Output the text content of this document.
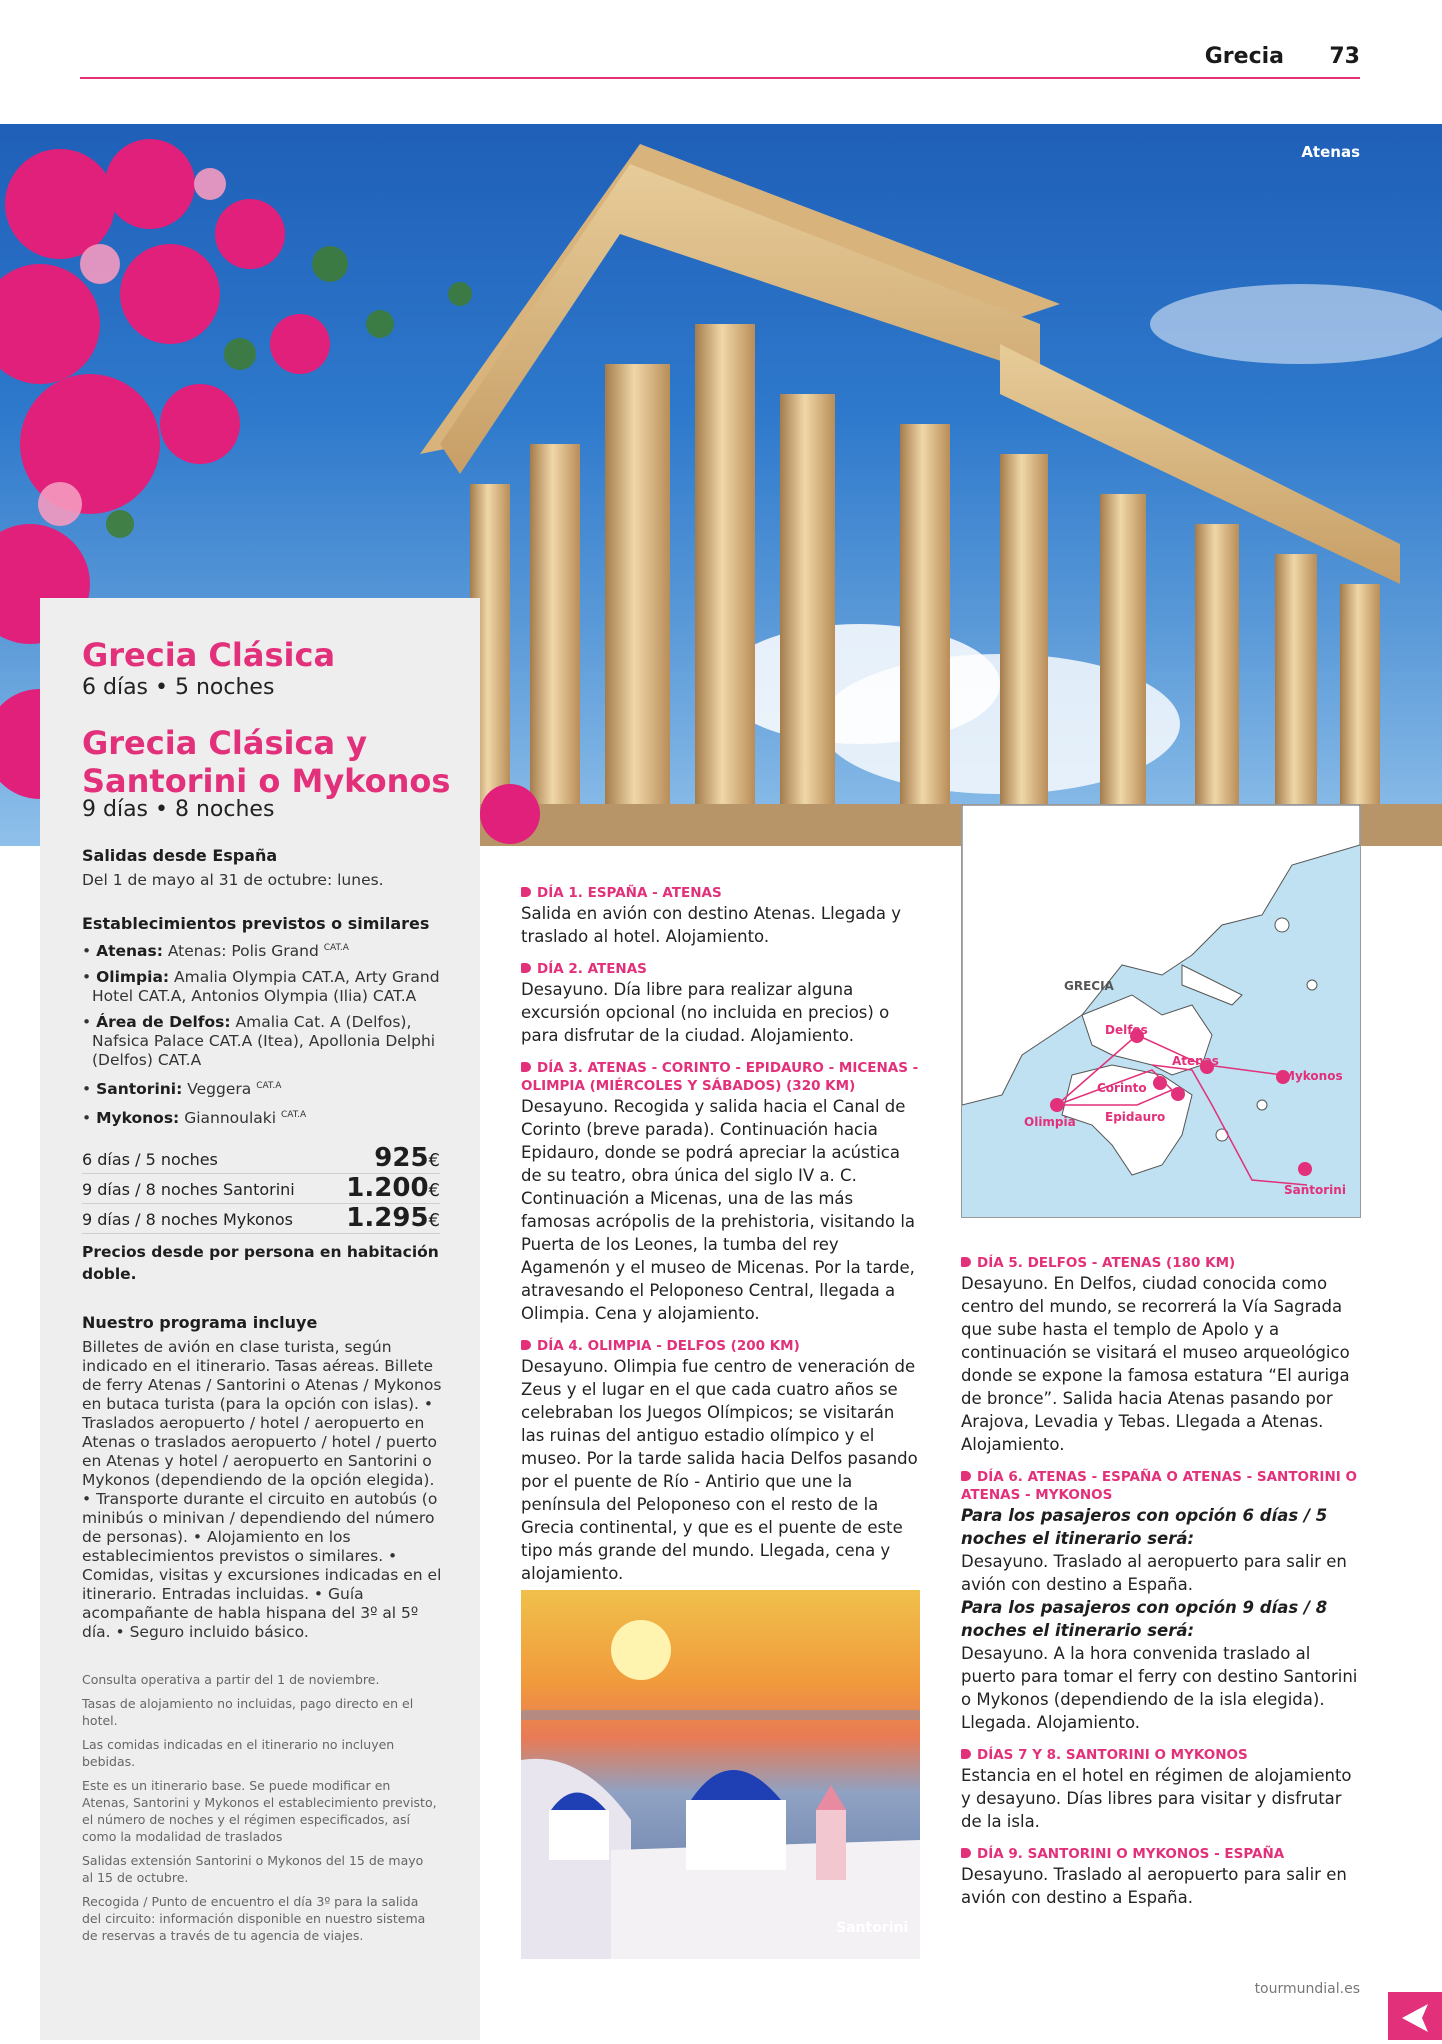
Grecia 73
Atenas
Grecia Clásica
6 días • 5 noches
Grecia Clásica y Santorini o Mykonos
9 días • 8 noches
Salidas desde España
Del 1 de mayo al 31 de octubre: lunes.
Establecimientos previstos o similares
• Atenas: Atenas: Polis Grand $^{CAT.A}$
• Olimpia: Amalia Olympia CAT.A, Arty Grand Hotel CAT.A, Antonios Olympia (Ilia) CAT.A
• Área de Delfos: Amalia Cat. A (Delfos), Nafsica Palace CAT.A (Itea), Apollonia Delphi (Delfos) CAT.A
• Santorini: Veggera $^{CAT.A}$
• Mykonos: Giannoulaki $^{CAT.A}$
6 días / 5 noches	925€
9 días / 8 noches Santorini 1.200€
9 días / 8 noches Mykonos 1.295€
Precios desde por persona en habitación doble.
Nuestro programa incluye
Billetes de avión en clase turista, según indicado en el itinerario. Tasas aéreas. Billete de ferry Atenas / Santorini o Atenas / Mykonos en butaca turista (para la opción con islas). • Traslados aeropuerto / hotel / aeropuerto en Atenas o traslados aeropuerto / hotel / puerto en Atenas y hotel / aeropuerto en Santorini o Mykonos (dependiendo de la opción elegida). • Transporte durante el circuito en autobús (o minibús o minivan / dependiendo del número de personas). • Alojamiento en los establecimientos previstos o similares. • Comidas, visitas y excursiones indicadas en el itinerario. Entradas incluidas. • Guía acompañante de habla hispana del 3º al 5º día. • Seguro incluido básico.
Consulta operativa a partir del 1 de noviembre.
Tasas de alojamiento no incluidas, pago directo en el hotel.
Las comidas indicadas en el itinerario no incluyen bebidas.
Este es un itinerario base. Se puede modificar en Atenas, Santorini y Mykonos el establecimiento previsto, el número de noches y el régimen especificados, así como la modalidad de traslados
Salidas extensión Santorini o Mykonos del 15 de mayo al 15 de octubre.
Recogida / Punto de encuentro el día 3º para la salida del circuito: información disponible en nuestro sistema de reservas a través de tu agencia de viajes.
DÍA 1. ESPAÑA - ATENAS
Salida en avión con destino Atenas. Llegada y traslado al hotel. Alojamiento.
DÍA 2. ATENAS
Desayuno. Día libre para realizar alguna excursión opcional (no incluida en precios) o para disfrutar de la ciudad. Alojamiento.
DÍA 3. ATENAS - CORINTO - EPIDAURO - MICENAS - OLIMPIA (MIÉRCOLES Y SÁBADOS) (320 KM)
Desayuno. Recogida y salida hacia el Canal de Corinto (breve parada). Continuación hacia Epidauro, donde se podrá apreciar la acústica de su teatro, obra única del siglo IV a. C. Continuación a Micenas, una de las más famosas acrópolis de la prehistoria, visitando la Puerta de los Leones, la tumba del rey Agamenón y el museo de Micenas. Por la tarde, atravesando el Peloponeso Central, llegada a Olimpia. Cena y alojamiento.
DÍA 4. OLIMPIA - DELFOS (200 KM)
Desayuno. Olimpia fue centro de veneración de Zeus y el lugar en el que cada cuatro años se celebraban los Juegos Olímpicos; se visitarán las ruinas del antiguo estadio olímpico y el museo. Por la tarde salida hacia Delfos pasando por el puente de Río - Antirio que une la península del Peloponeso con el resto de la Grecia continental, y que es el puente de este tipo más grande del mundo. Llegada, cena y alojamiento.
Santorini
GRECIA
Delfos
Atenas
Mykonos
Corinto
Olimpia Epidauro
Santorini
DÍA 5. DELFOS - ATENAS (180 KM)
Desayuno. En Delfos, ciudad conocida como centro del mundo, se recorrerá la Vía Sagrada que sube hasta el templo de Apolo y a continuación se visitará el museo arqueológico donde se expone la famosa estatura “El auriga de bronce”. Salida hacia Atenas pasando por Arajova, Levadia y Tebas. Llegada a Atenas. Alojamiento.
DÍA 6. ATENAS - ESPAÑA O ATENAS - SANTORINI O ATENAS - MYKONOS
Para los pasajeros con opción 6 días / 5 noches el itinerario será:
Desayuno. Traslado al aeropuerto para salir en avión con destino a España.
Para los pasajeros con opción 9 días / 8 noches el itinerario será:
Desayuno. A la hora convenida traslado al puerto para tomar el ferry con destino Santorini o Mykonos (dependiendo de la isla elegida). Llegada. Alojamiento.
DÍAS 7 Y 8. SANTORINI O MYKONOS
Estancia en el hotel en régimen de alojamiento y desayuno. Días libres para visitar y disfrutar de la isla.
DÍA 9. SANTORINI O MYKONOS - ESPAÑA
Desayuno. Traslado al aeropuerto para salir en avión con destino a España.
tourmundial.es
